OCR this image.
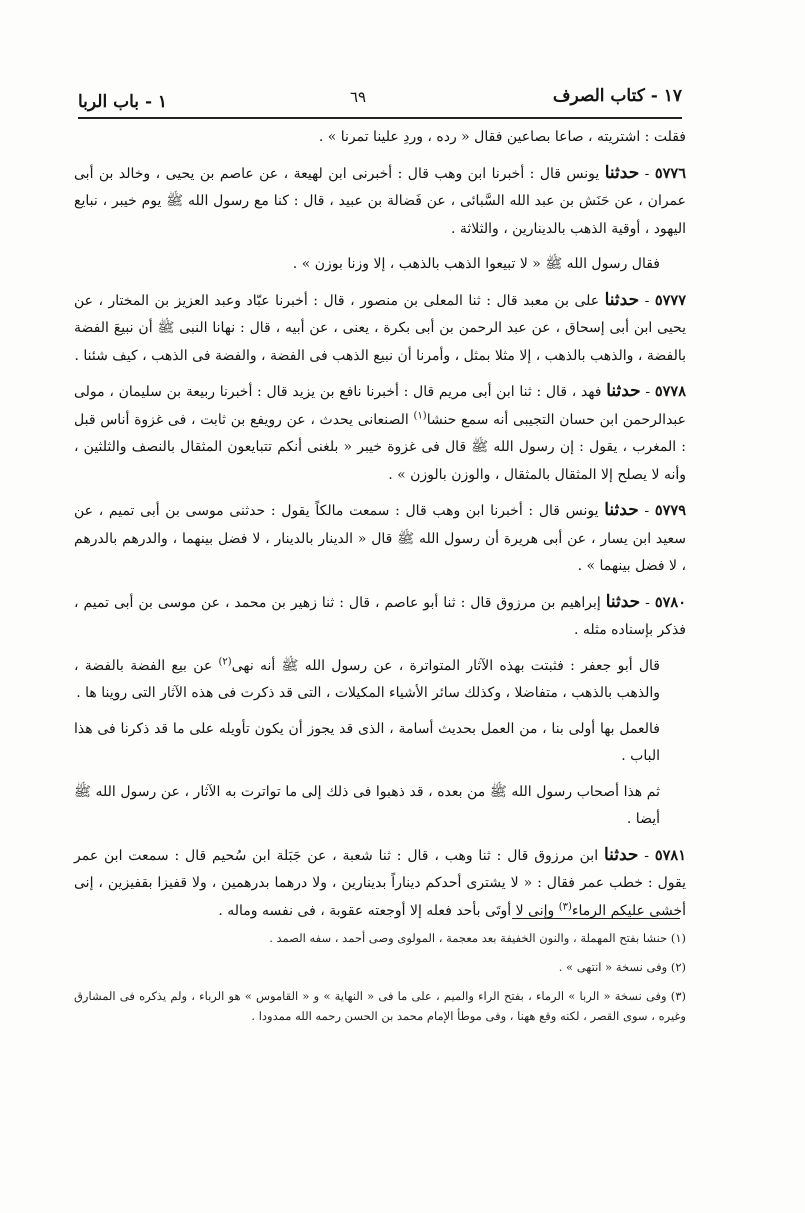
١٧ - كتاب الصرف
٦٩
١ - باب الربا

فقلت : اشتريته ، صاعا بصاعين فقال « رده ، وردِ علينا تمرنا » .

٥٧٧٦ - حدثنا يونس قال : أخبرنا ابن وهب قال : أخبرنى ابن لهيعة ، عن عاصم بن يحيى ، وخالد بن أبى عمران ، عن حَنَش بن عبد الله السَّبائى ، عن فَضالة بن عبيد ، قال : كنا مع رسول الله ﷺ يوم خيبر ، نبايع اليهود ، أوقية الذهب بالدينارين ، والثلاثة .

فقال رسول الله ﷺ « لا تبيعوا الذهب بالذهب ، إلا وزنا بوزن » .

٥٧٧٧ - حدثنا على بن معبد قال : ثنا المعلى بن منصور ، قال : أخبرنا عبّاد وعبد العزيز بن المختار ، عن يحيى ابن أبى إسحاق ، عن عبد الرحمن بن أبى بكرة ، يعنى ، عن أبيه ، قال : نهانا النبى ﷺ أن نبيعَ الفضة بالفضة ، والذهب بالذهب ، إلا مثلا بمثل ، وأمرنا أن نبيع الذهب فى الفضة ، والفضة فى الذهب ، كيف شئنا .

٥٧٧٨ - حدثنا فهد ، قال : ثنا ابن أبى مريم قال : أخبرنا نافع بن يزيد قال : أخبرنا ربيعة بن سليمان ، مولى عبدالرحمن ابن حسان التجيبى أنه سمع حنشا$^{(١)}$ الصنعانى يحدث ، عن رويفع بن ثابت ، فى غزوة أناس قبل : المغرب ، يقول : إن رسول الله ﷺ قال فى غزوة خيبر « بلغنى أنكم تتبايعون المثقال بالنصف والثلثين ، وأنه لا يصلح إلا المثقال بالمثقال ، والوزن بالوزن » .

٥٧٧٩ - حدثنا يونس قال : أخبرنا ابن وهب قال : سمعت مالكاً يقول : حدثنى موسى بن أبى تميم ، عن سعيد ابن يسار ، عن أبى هريرة أن رسول الله ﷺ قال « الدينار بالدينار ، لا فضل بينهما ، والدرهم بالدرهم ، لا فضل بينهما » .

٥٧٨٠ - حدثنا إبراهيم بن مرزوق قال : ثنا أبو عاصم ، قال : ثنا زهير بن محمد ، عن موسى بن أبى تميم ، فذكر بإسناده مثله .

قال أبو جعفر : فثبتت بهذه الآثار المتواترة ، عن رسول الله ﷺ أنه نهى$^{(٢)}$ عن بيع الفضة بالفضة ، والذهب بالذهب ، متفاضلا ، وكذلك سائر الأشياء المكيلات ، التى قد ذكرت فى هذه الآثار التى روينا ها .

فالعمل بها أولى بنا ، من العمل بحديث أسامة ، الذى قد يجوز أن يكون تأويله على ما قد ذكرنا فى هذا الباب .

ثم هذا أصحاب رسول الله ﷺ من بعده ، قد ذهبوا فى ذلك إلى ما تواترت به الآثار ، عن رسول الله ﷺ أيضا .

٥٧٨١ - حدثنا ابن مرزوق قال : ثنا وهب ، قال : ثنا شعبة ، عن جَبَلة ابن سُحيم قال : سمعت ابن عمر يقول : خطب عمر فقال : « لا يشترى أحدكم ديناراً بدينارين ، ولا درهما بدرهمين ، ولا قفيزا بقفيزين ، إنى أخشى عليكم الرماء$^{(٣)}$ وإنى لا أوتَى بأحد فعله إلا أوجعته عقوبة ، فى نفسه وماله .

(١) حنشا بفتح المهملة ، والنون الخفيفة بعد معجمة ، المولوى وصى أحمد ، سفه الصمد .

(٢) وفى نسخة « انتهى » .

(٣) وفى نسخة « الربا » الرماء ، بفتح الراء والميم ، على ما فى « النهاية » و « القاموس » هو الرباء ، ولم يذكره فى المشارق وغيره ، سوى القصر ، لكنه وقع ههنا ، وفى موطأ الإمام محمد بن الحسن رحمه الله ممدودا .
